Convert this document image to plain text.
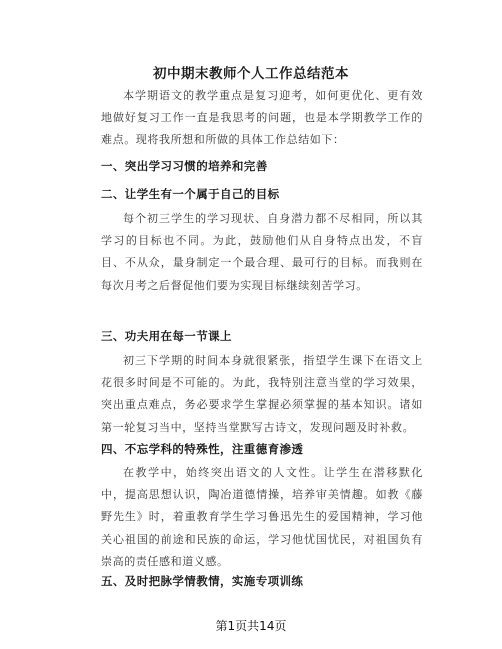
初中期末教师个人工作总结范本

本学期语文的教学重点是复习迎考，如何更优化、更有效地做好复习工作一直是我思考的问题，也是本学期教学工作的难点。现将我所想和所做的具体工作总结如下：

一、突出学习习惯的培养和完善
二、让学生有一个属于自己的目标

每个初三学生的学习现状、自身潜力都不尽相同，所以其学习的目标也不同。为此，鼓励他们从自身特点出发，不盲目、不从众，量身制定一个最合理、最可行的目标。而我则在每次月考之后督促他们要为实现目标继续刻苦学习。

三、功夫用在每一节课上

初三下学期的时间本身就很紧张，指望学生课下在语文上花很多时间是不可能的。为此，我特别注意当堂的学习效果，突出重点难点，务必要求学生掌握必须掌握的基本知识。诸如第一轮复习当中，坚持当堂默写古诗文，发现问题及时补救。

四、不忘学科的特殊性，注重德育渗透

在教学中，始终突出语文的人文性。让学生在潜移默化中，提高思想认识，陶冶道德情操，培养审美情趣。如教《藤野先生》时，着重教育学生学习鲁迅先生的爱国精神，学习他关心祖国的前途和民族的命运，学习他忧国忧民，对祖国负有崇高的责任感和道义感。

五、及时把脉学情教情，实施专项训练
第1页共14页
